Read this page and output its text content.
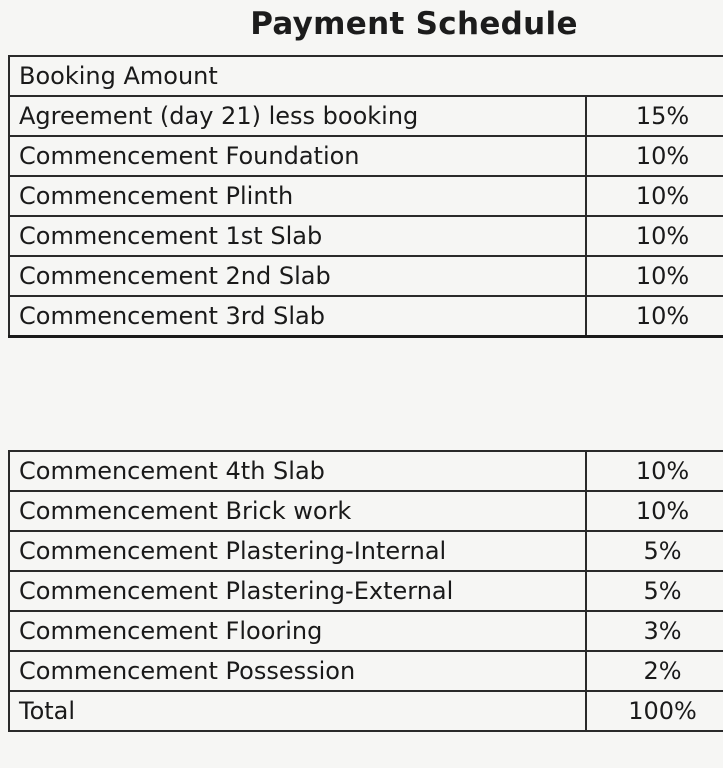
Payment Schedule
Booking Amount	
Agreement (day 21) less booking	15%
Commencement Foundation	10%
Commencement Plinth	10%
Commencement 1st Slab	10%
Commencement 2nd Slab	10%
Commencement 3rd Slab	10%
Commencement 4th Slab	10%
Commencement Brick work	10%
Commencement Plastering-Internal	5%
Commencement Plastering-External	5%
Commencement Flooring	3%
Commencement Possession	2%
Total	100%
